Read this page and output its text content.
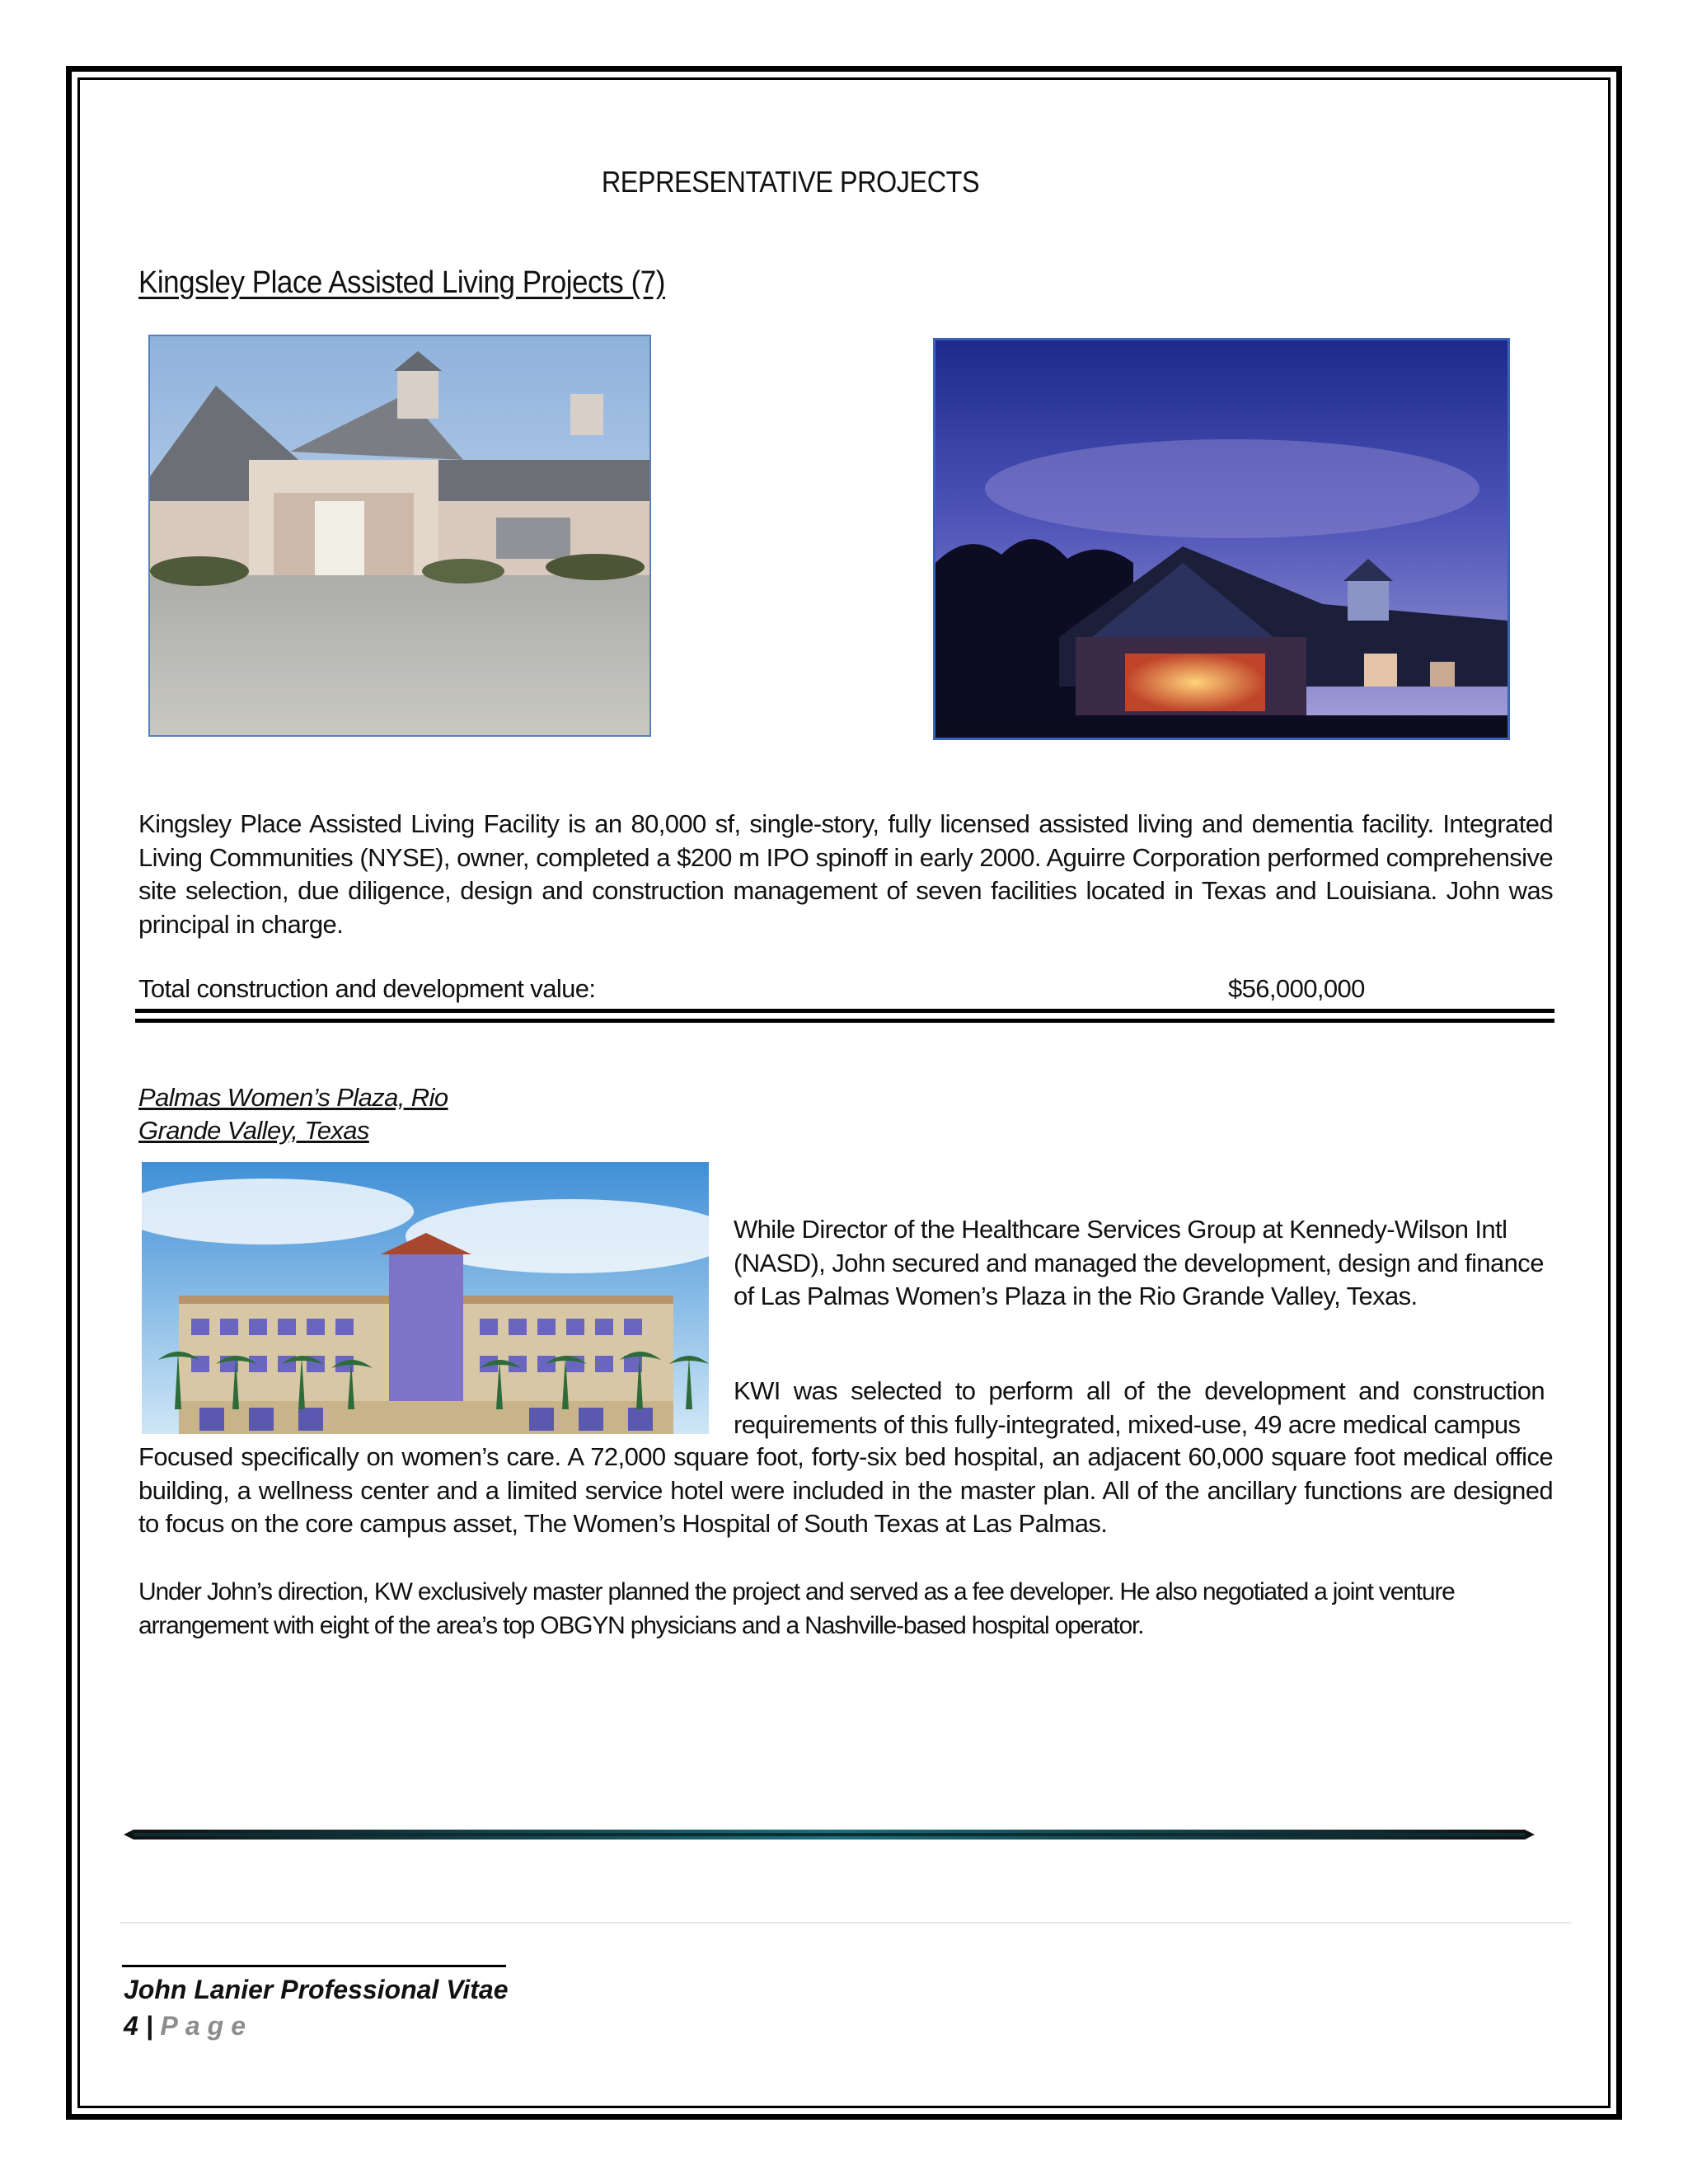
REPRESENTATIVE PROJECTS
Kingsley Place Assisted Living Projects (7)
Kingsley Place Assisted Living Facility is an 80,000 sf, single-story, fully licensed assisted living and dementia facility. Integrated Living Communities (NYSE), owner, completed a $200 m IPO spinoff in early 2000. Aguirre Corporation performed comprehensive site selection, due diligence, design and construction management of seven facilities located in Texas and Louisiana. John was principal in charge.
Total construction and development value:	$56,000,000
Palmas Women’s Plaza, Rio Grande Valley, Texas
While Director of the Healthcare Services Group at Kennedy-Wilson Intl (NASD), John secured and managed the development, design and finance of Las Palmas Women’s Plaza in the Rio Grande Valley, Texas.
KWI was selected to perform all of the development and construction requirements of this fully-integrated, mixed-use, 49 acre medical campus
Focused specifically on women’s care. A 72,000 square foot, forty-six bed hospital, an adjacent 60,000 square foot medical office building, a wellness center and a limited service hotel were included in the master plan. All of the ancillary functions are designed to focus on the core campus asset, The Women’s Hospital of South Texas at Las Palmas.
Under John’s direction, KW exclusively master planned the project and served as a fee developer. He also negotiated a joint venture arrangement with eight of the area’s top OBGYN physicians and a Nashville-based hospital operator.
John Lanier Professional Vitae
4 | Page
